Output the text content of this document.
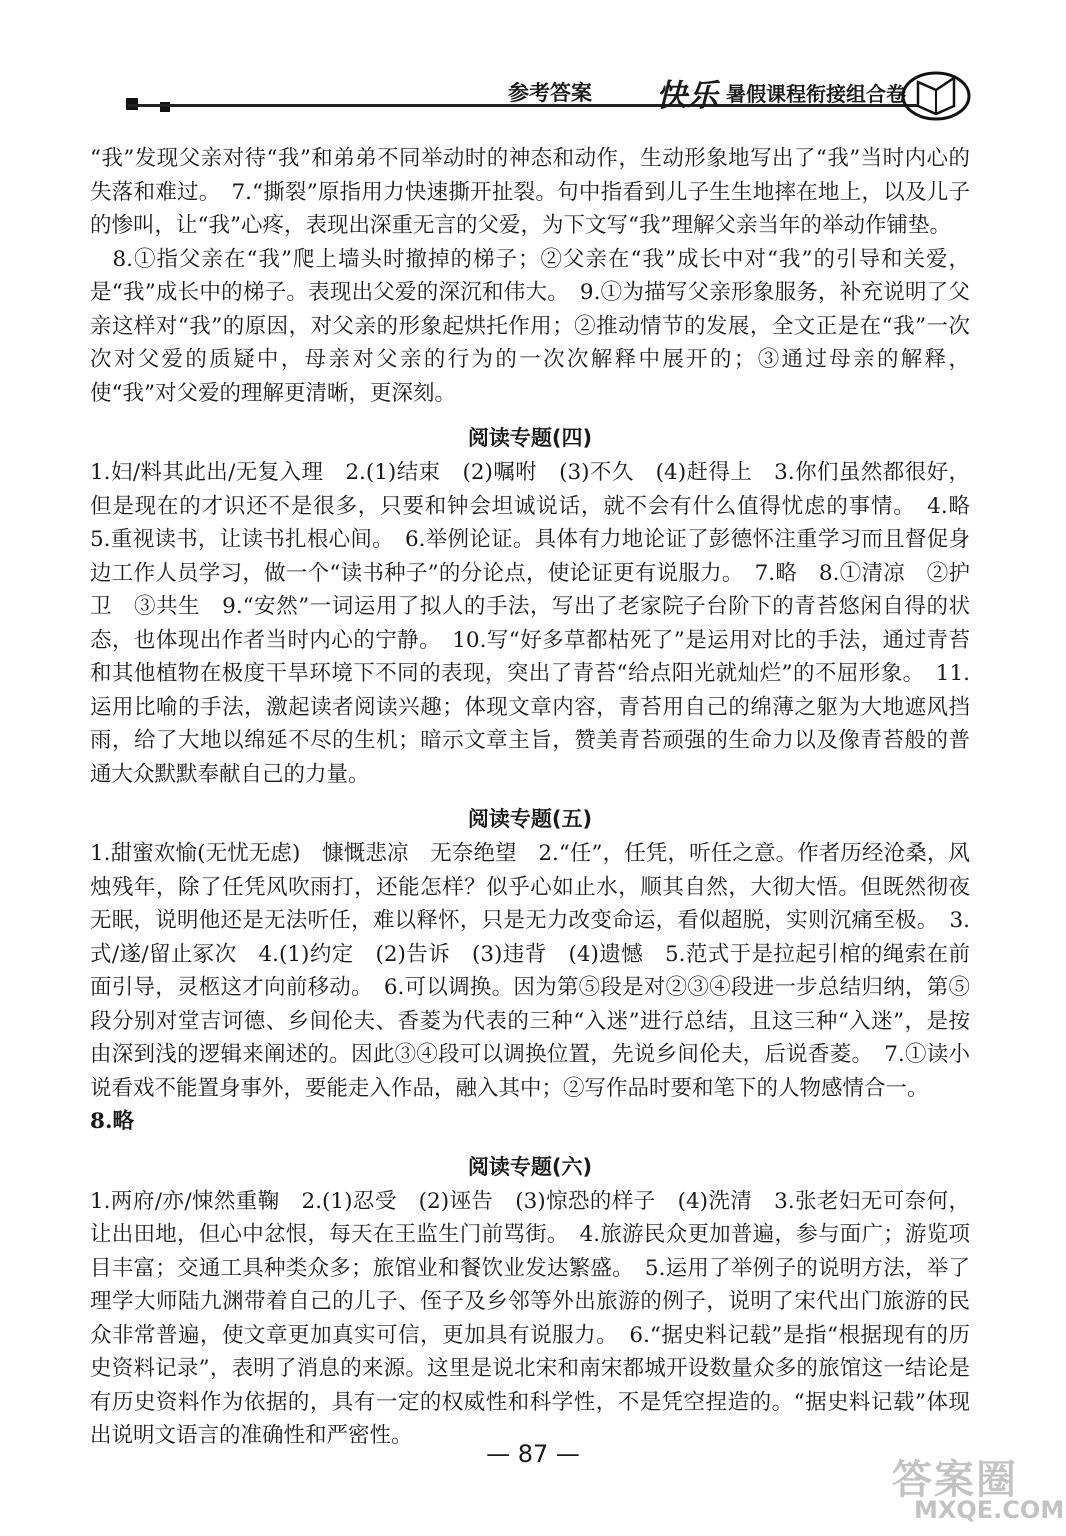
参考答案 快乐 暑假课程衔接组合卷

“我”发现父亲对待“我”和弟弟不同举动时的神态和动作，生动形象地写出了“我”当时内心的失落和难过。　7.“撕裂”原指用力快速撕开扯裂。句中指看到儿子生生地摔在地上，以及儿子的惨叫，让“我”心疼，表现出深重无言的父爱，为下文写“我”理解父亲当年的举动作铺垫。

　8.①指父亲在“我”爬上墙头时撤掉的梯子；②父亲在“我”成长中对“我”的引导和关爱，是“我”成长中的梯子。表现出父爱的深沉和伟大。　9.①为描写父亲形象服务，补充说明了父亲这样对“我”的原因，对父亲的形象起烘托作用；②推动情节的发展，全文正是在“我”一次次对父爱的质疑中，母亲对父亲的行为的一次次解释中展开的；③通过母亲的解释，使“我”对父爱的理解更清晰，更深刻。

阅读专题(四)

1.妇/料其此出/无复入理　2.(1)结束　(2)嘱咐　(3)不久　(4)赶得上　3.你们虽然都很好，但是现在的才识还不是很多，只要和钟会坦诚说话，就不会有什么值得忧虑的事情。　4.略　5.重视读书，让读书扎根心间。　6.举例论证。具体有力地论证了彭德怀注重学习而且督促身边工作人员学习，做一个“读书种子”的分论点，使论证更有说服力。　7.略　8.①清凉　②护卫　③共生　9.“安然”一词运用了拟人的手法，写出了老家院子台阶下的青苔悠闲自得的状态，也体现出作者当时内心的宁静。　10.写“好多草都枯死了”是运用对比的手法，通过青苔和其他植物在极度干旱环境下不同的表现，突出了青苔“给点阳光就灿烂”的不屈形象。　11.运用比喻的手法，激起读者阅读兴趣；体现文章内容，青苔用自己的绵薄之躯为大地遮风挡雨，给了大地以绵延不尽的生机；暗示文章主旨，赞美青苔顽强的生命力以及像青苔般的普通大众默默奉献自己的力量。

阅读专题(五)

1.甜蜜欢愉(无忧无虑)　慷慨悲凉　无奈绝望　2.“任”，任凭，听任之意。作者历经沧桑，风烛残年，除了任凭风吹雨打，还能怎样？似乎心如止水，顺其自然，大彻大悟。但既然彻夜无眠，说明他还是无法听任，难以释怀，只是无力改变命运，看似超脱，实则沉痛至极。　3.式/遂/留止冢次　4.(1)约定　(2)告诉　(3)违背　(4)遗憾　5.范式于是拉起引棺的绳索在前面引导，灵柩这才向前移动。　6.可以调换。因为第⑤段是对②③④段进一步总结归纳，第⑤段分别对堂吉诃德、乡间伦夫、香菱为代表的三种“入迷”进行总结，且这三种“入迷”，是按由深到浅的逻辑来阐述的。因此③④段可以调换位置，先说乡间伦夫，后说香菱。　7.①读小说看戏不能置身事外，要能走入作品，融入其中；②写作品时要和笔下的人物感情合一。

8.略

阅读专题(六)

1.两府/亦/悚然重鞠　2.(1)忍受　(2)诬告　(3)惊恐的样子　(4)洗清　3.张老妇无可奈何，让出田地，但心中忿恨，每天在王监生门前骂街。　4.旅游民众更加普遍，参与面广；游览项目丰富；交通工具种类众多；旅馆业和餐饮业发达繁盛。　5.运用了举例子的说明方法，举了理学大师陆九渊带着自己的儿子、侄子及乡邻等外出旅游的例子，说明了宋代出门旅游的民众非常普遍，使文章更加真实可信，更加具有说服力。　6.“据史料记载”是指“根据现有的历史资料记录”，表明了消息的来源。这里是说北宋和南宋都城开设数量众多的旅馆这一结论是有历史资料作为依据的，具有一定的权威性和科学性，不是凭空捏造的。“据史料记载”体现出说明文语言的准确性和严密性。

— 87 —
答案圈
MXQE.COM
